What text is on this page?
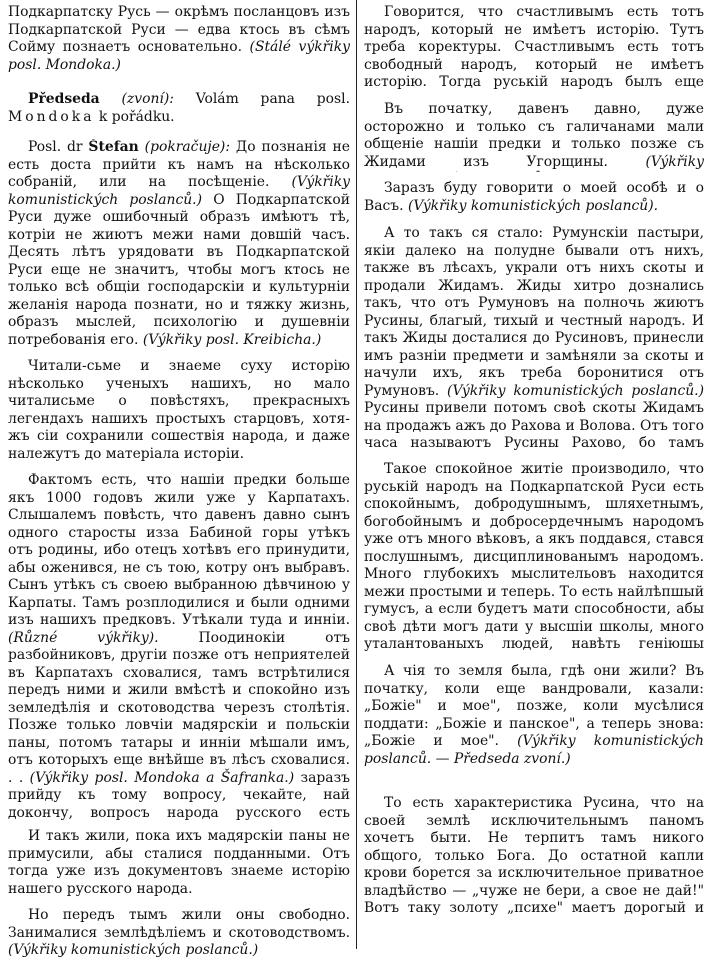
Подкарпатску Русь — окрѣмъ посланцовъ изъ Подкарпатской Руси — едва ктось въ сѣмъ Сойму познаетъ основательно. (Stálé výkřiky posl. Mondoka.)

Předseda (zvoní): Volám pana posl. Mondoka k pořádku.

Posl. dr Štefan (pokračuje): До познанія не есть доста прийти къ намъ на нѣсколько собраній, или на посѣщеніе. (Výkřiky komunistických poslanců.) О Подкарпатской Руси дуже ошибочный образъ имѣютъ тѣ, котріи не жиютъ межи нами довшій часъ. Десять лѣтъ урядовати въ Подкарпатской Руси еще не значитъ, чтобы могъ ктось не только всѣ общіи господарскіи и культурніи желанія народа познати, но и тяжку жизнь, образъ мыслей, психологію и душевніи потребованія его. (Výkřiky posl. Kreibicha.)

Читали-сьме и знаеме суху исторію нѣсколько ученыхъ нашихъ, но мало читалисьме о повѣстяхъ, прекрасныхъ легендахъ нашихъ простыхъ старцовъ, хотя-жъ сіи сохранили сошествія народа, и даже належутъ до матеріала исторіи.

Фактомъ есть, что нашіи предки больше якъ 1000 годовъ жили уже у Карпатахъ. Слышалемъ повѣсть, что давенъ давно сынъ одного старосты изза Бабиной горы утѣкъ отъ родины, ибо отецъ хотѣвъ его принудити, абы оженився, не съ тою, котру онъ выбравъ. Сынъ утѣкъ съ своею выбранною дѣвчиною у Карпаты. Тамъ розплодилися и были одними изъ нашихъ предковъ. Утѣкали туда и инніи. (Různé výkřiky). Поодинокіи отъ разбойниковъ, другіи позже отъ неприятелей въ Карпатахъ сховалися, тамъ встрѣтилися передъ ними и жили вмѣстѣ и спокойно изъ земледѣлія и скотоводства черезъ столѣтія. Позже только ловчіи мадярскіи и польскіи паны, потомъ татары и инніи мѣшали имъ, отъ которыхъ еще внѣйше въ лѣсъ сховалися. . . (Výkřiky posl. Mondoka a Šafranka.) заразъ прийду къ тому вопросу, чекайте, най докончу, вопросъ народа русского есть

И такъ жили, пока ихъ мадярскіи паны не примусили, абы сталися подданными. Отъ тогда уже изъ документовъ знаеме исторію нашего русского народа.

Но передъ тымъ жили оны свободно. Занималися землѣдѣліемъ и скотоводствомъ. (Výkřiky komunistických poslanců.)

Говорится, что счастливымъ есть тотъ народъ, который не имѣетъ исторію. Тутъ треба коректуры. Счастливымъ есть тотъ свободный народъ, который не имѣетъ исторію. Тогда руськiй народъ былъ еще

Въ початку, давенъ давно, дуже осторожно и только съ галичанами мали общеніе нашіи предки и только позже съ Жидами изъ Угорщины. (Výkřiky

Заразъ буду говорити о моей особѣ и о Васъ. (Výkřiky komunistických poslanců).

А то такъ ся стало: Румунскіи пастыри, якіи далеко на полудне бывали отъ нихъ, также въ лѣсахъ, украли отъ нихъ скоты и продали Жидамъ. Жиды хитро дознались такъ, что отъ Румуновъ на полночь жиютъ Русины, благый, тихый и честный народъ. И такъ Жиды досталися до Русиновъ, принесли имъ разніи предмети и замѣняли за скоты и начули ихъ, якъ треба боронитися отъ Румуновъ. (Výkřiky komunistických poslanců.) Русины привели потомъ своѣ скоты Жидамъ на продажъ ажъ до Рахова и Волова. Отъ того часа называютъ Русины Рахово, бо тамъ

Такое спокойное житіе производило, что руськiй народъ на Подкарпатской Руси есть спокойнымъ, добродушнымъ, шляхетнымъ, богобойнымъ и добросердечнымъ народомъ уже отъ много вѣковъ, а якъ поддався, стався послушнымъ, дисциплинованымъ народомъ. Много глубокихъ мыслительовъ находится межи простыми и теперь. То есть найлѣпшый гумусъ, а если будетъ мати способности, абы своѣ дѣти могъ дати у высшіи школы, много уталантованыхъ людей, навѣть геніюшы

А чія то земля была, гдѣ они жили? Въ початку, коли еще вандровали, казали: „Божіе" и мое", позже, коли мусѣлися поддати: „Божіе и панское", а теперь знова: „Божіе и мое". (Výkřiky komunistických poslanců. — Předseda zvoní.)

То есть характеристика Русина, что на своей землѣ исключительнымъ паномъ хочетъ быти. Не терпитъ тамъ никого общого, только Бога. До остатной капли крови борется за исключительное приватное владѣйство — „чуже не бери, а свое не дай!" Вотъ таку золоту „психе" маетъ дорогый и
